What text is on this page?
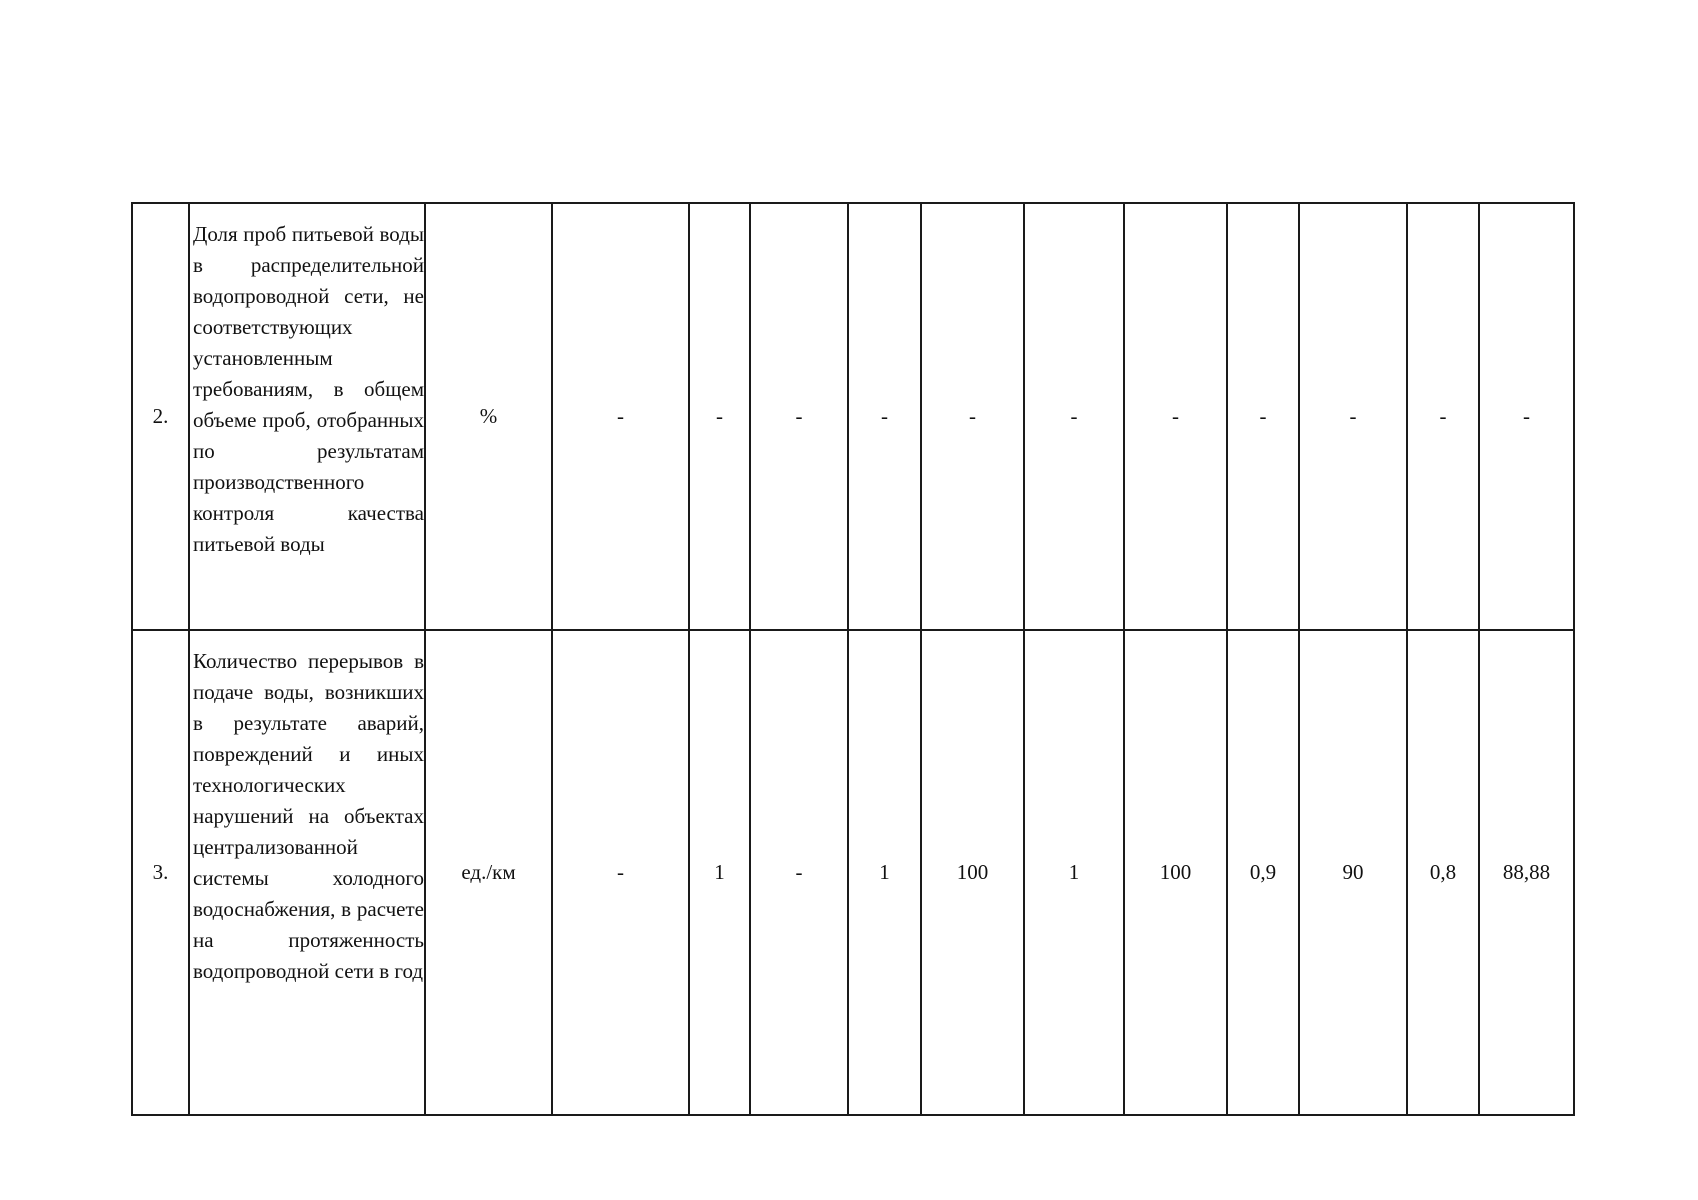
2.	Доля проб питьевой воды в распределительной водопроводной сети, не соответствующих установленным требованиям, в общем объеме проб, отобранных по результатам производственного контроля качества питьевой воды	%	-	-	-	-	-	-	-	-	-	-	-
3.	Количество перерывов в подаче воды, возникших в результате аварий, повреждений и иных технологических нарушений на объектах централизованной системы холодного водоснабжения, в расчете на протяженность водопроводной сети в год	ед./км	-	1	-	1	100	1	100	0,9	90	0,8	88,88
